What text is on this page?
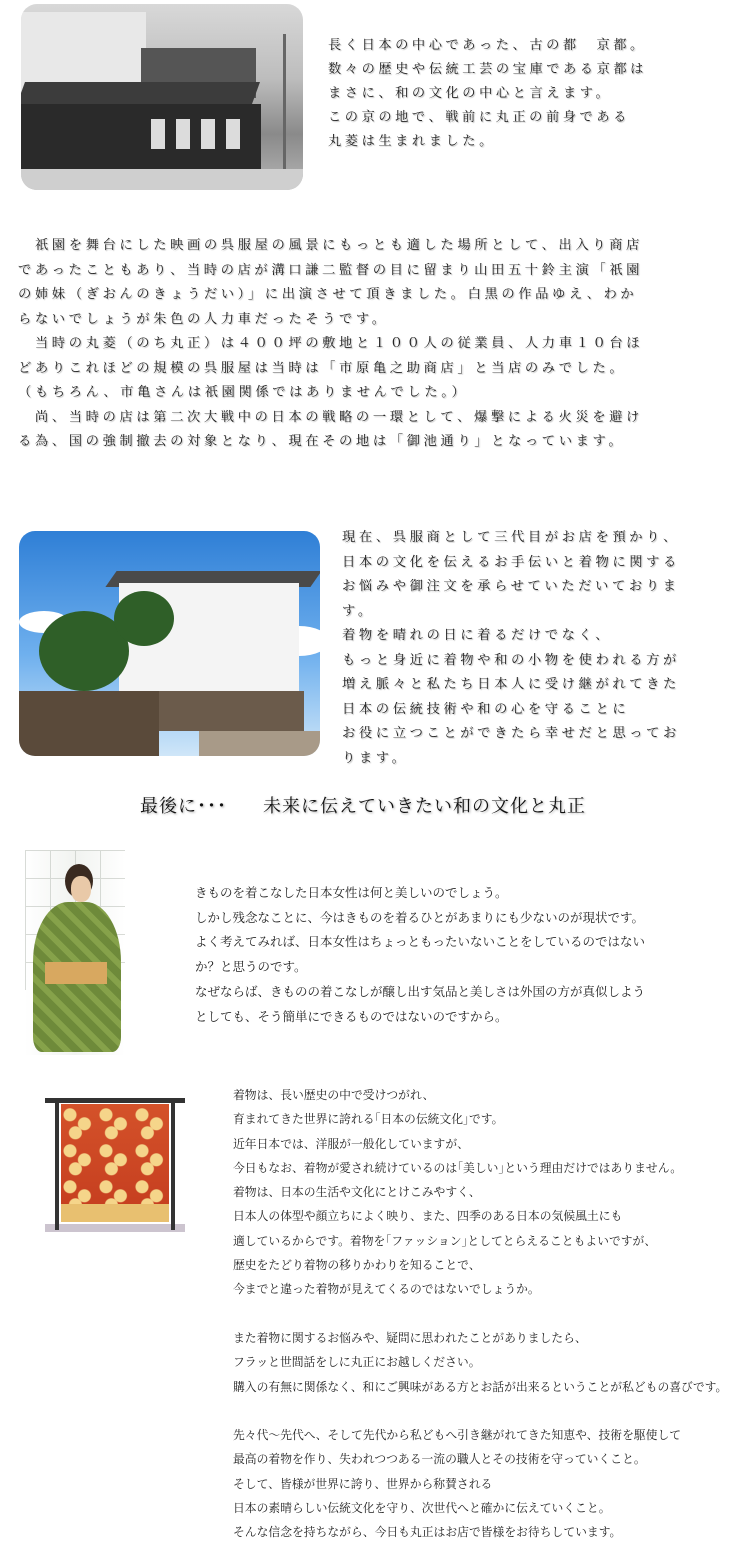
長く日本の中心であった、古の都　京都。
数々の歴史や伝統工芸の宝庫である京都は
まさに、和の文化の中心と言えます。
この京の地で、戦前に丸正の前身である
丸菱は生まれました。
　祇園を舞台にした映画の呉服屋の風景にもっとも適した場所として、出入り商店
であったこともあり、当時の店が溝口謙二監督の目に留まり山田五十鈴主演「祇園
の姉妹（ぎおんのきょうだい）」に出演させて頂きました。白黒の作品ゆえ、わか
らないでしょうが朱色の人力車だったそうです。
　当時の丸菱（のち丸正）は４００坪の敷地と１００人の従業員、人力車１０台ほ
どありこれほどの規模の呉服屋は当時は「市原亀之助商店」と当店のみでした。
（もちろん、市亀さんは祇園関係ではありませんでした。）
　尚、当時の店は第二次大戦中の日本の戦略の一環として、爆撃による火災を避け
る為、国の強制撤去の対象となり、現在その地は「御池通り」となっています。
現在、呉服商として三代目がお店を預かり、
日本の文化を伝えるお手伝いと着物に関する
お悩みや御注文を承らせていただいておりま
す。
着物を晴れの日に着るだけでなく、
もっと身近に着物や和の小物を使われる方が
増え脈々と私たち日本人に受け継がれてきた
日本の伝統技術や和の心を守ることに
お役に立つことができたら幸せだと思ってお
ります。
最後に･･･ 未来に伝えていきたい和の文化と丸正
きものを着こなした日本女性は何と美しいのでしょう。
しかし残念なことに、今はきものを着るひとがあまりにも少ないのが現状です。
よく考えてみれば、日本女性はちょっともったいないことをしているのではない
か？と思うのです。
なぜならば、きものの着こなしが醸し出す気品と美しさは外国の方が真似しよう
としても、そう簡単にできるものではないのですから。
着物は、長い歴史の中で受けつがれ、
育まれてきた世界に誇れる｢日本の伝統文化｣です。
近年日本では、洋服が一般化していますが、
今日もなお、着物が愛され続けているのは｢美しい｣という理由だけではありません。
着物は、日本の生活や文化にとけこみやすく、
日本人の体型や顔立ちによく映り、また、四季のある日本の気候風土にも
適しているからです。着物を｢ファッション｣としてとらえることもよいですが、
歴史をたどり着物の移りかわりを知ることで、
今までと違った着物が見えてくるのではないでしょうか。
また着物に関するお悩みや、疑問に思われたことがありましたら、
フラッと世間話をしに丸正にお越しください。
購入の有無に関係なく、和にご興味がある方とお話が出来るということが私どもの喜びです。
先々代～先代へ、そして先代から私どもへ引き継がれてきた知恵や、技術を駆使して
最高の着物を作り、失われつつある一流の職人とその技術を守っていくこと。
そして、皆様が世界に誇り、世界から称賛される
日本の素晴らしい伝統文化を守り、次世代へと確かに伝えていくこと。
そんな信念を持ちながら、今日も丸正はお店で皆様をお待ちしています。
